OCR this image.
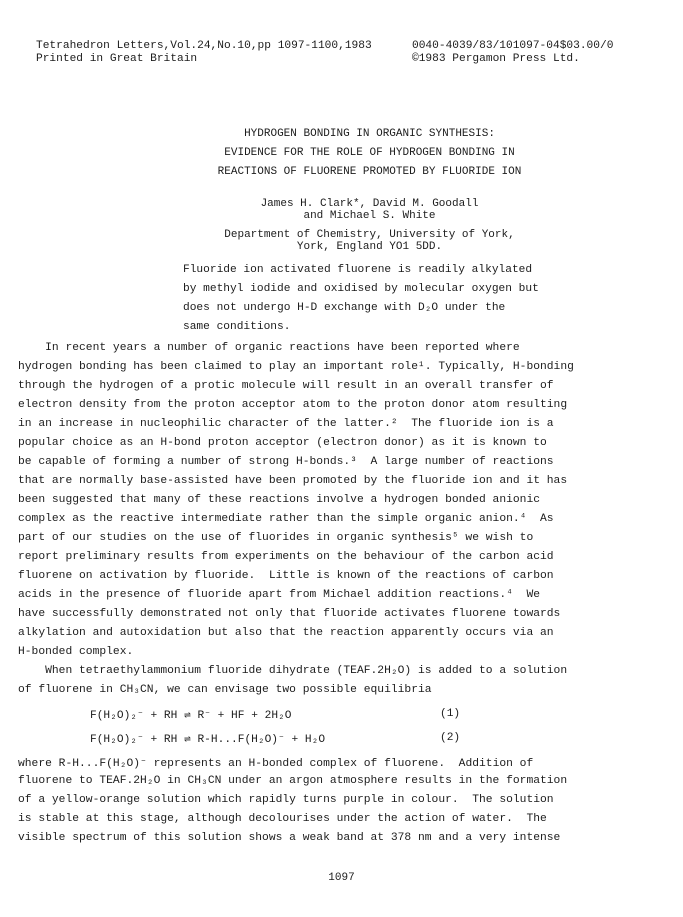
Tetrahedron Letters,Vol.24,No.10,pp 1097-1100,1983
Printed in Great Britain
0040-4039/83/101097-04$03.00/0
©1983 Pergamon Press Ltd.
HYDROGEN BONDING IN ORGANIC SYNTHESIS:
EVIDENCE FOR THE ROLE OF HYDROGEN BONDING IN
REACTIONS OF FLUORENE PROMOTED BY FLUORIDE ION
James H. Clark*, David M. Goodall
and Michael S. White
Department of Chemistry, University of York,
York, England YO1 5DD.
Fluoride ion activated fluorene is readily alkylated
by methyl iodide and oxidised by molecular oxygen but
does not undergo H-D exchange with D₂O under the
same conditions.
In recent years a number of organic reactions have been reported where
hydrogen bonding has been claimed to play an important role¹. Typically, H-bonding
through the hydrogen of a protic molecule will result in an overall transfer of
electron density from the proton acceptor atom to the proton donor atom resulting
in an increase in nucleophilic character of the latter.²  The fluoride ion is a
popular choice as an H-bond proton acceptor (electron donor) as it is known to
be capable of forming a number of strong H-bonds.³  A large number of reactions
that are normally base-assisted have been promoted by the fluoride ion and it has
been suggested that many of these reactions involve a hydrogen bonded anionic
complex as the reactive intermediate rather than the simple organic anion.⁴  As
part of our studies on the use of fluorides in organic synthesis⁵ we wish to
report preliminary results from experiments on the behaviour of the carbon acid
fluorene on activation by fluoride.  Little is known of the reactions of carbon
acids in the presence of fluoride apart from Michael addition reactions.⁴  We
have successfully demonstrated not only that fluoride activates fluorene towards
alkylation and autoxidation but also that the reaction apparently occurs via an
H-bonded complex.
When tetraethylammonium fluoride dihydrate (TEAF.2H₂O) is added to a solution
of fluorene in CH₃CN, we can envisage two possible equilibria
F(H₂O)₂⁻ + RH ⇌ R⁻ + HF + 2H₂O	(1)
F(H₂O)₂⁻ + RH ⇌ R-H...F(H₂O)⁻ + H₂O	(2)
where R-H...F(H₂O)⁻ represents an H-bonded complex of fluorene.  Addition of
fluorene to TEAF.2H₂O in CH₃CN under an argon atmosphere results in the formation
of a yellow-orange solution which rapidly turns purple in colour.  The solution
is stable at this stage, although decolourises under the action of water.  The
visible spectrum of this solution shows a weak band at 378 nm and a very intense
1097
